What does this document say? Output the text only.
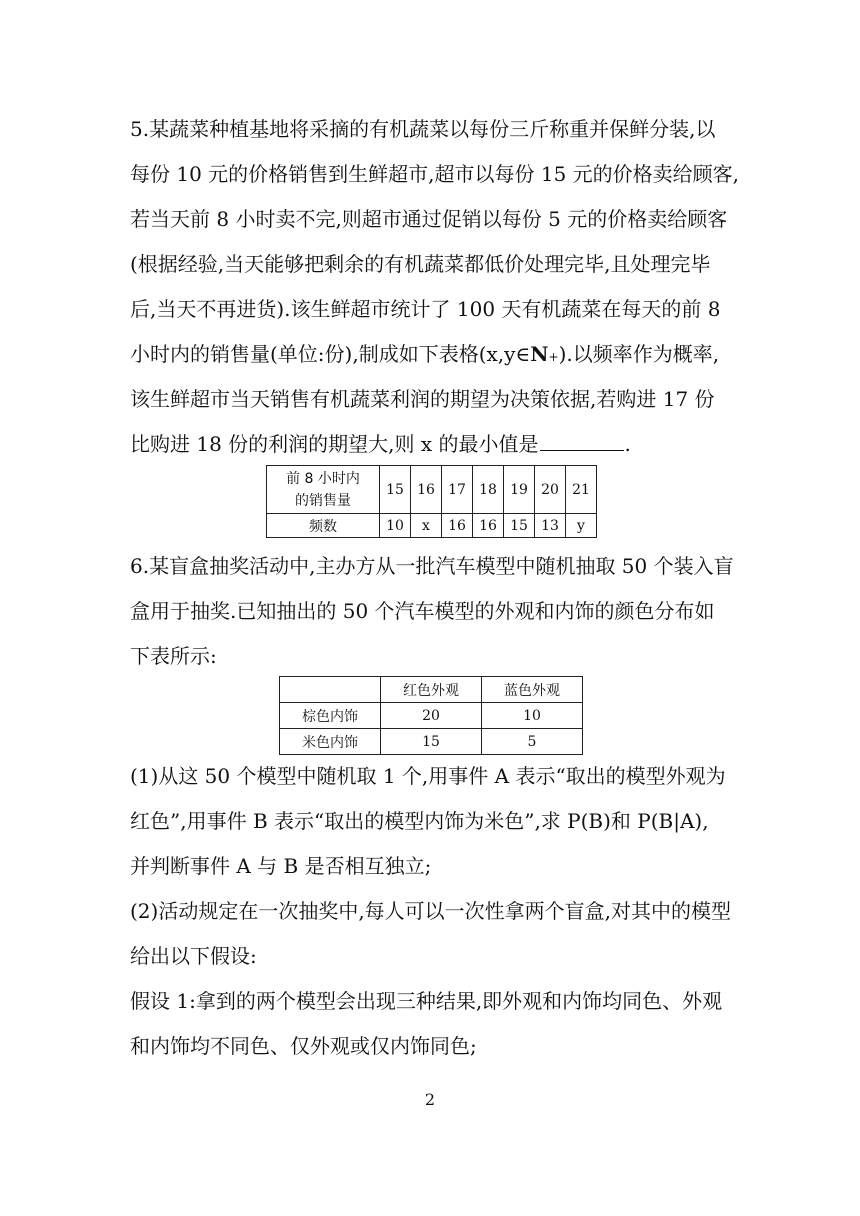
5.某蔬菜种植基地将采摘的有机蔬菜以每份三斤称重并保鲜分装,以
每份 10 元的价格销售到生鲜超市,超市以每份 15 元的价格卖给顾客,
若当天前 8 小时卖不完,则超市通过促销以每份 5 元的价格卖给顾客
(根据经验,当天能够把剩余的有机蔬菜都低价处理完毕,且处理完毕
后,当天不再进货).该生鲜超市统计了 100 天有机蔬菜在每天的前 8
小时内的销售量(单位:份),制成如下表格(x,y∈N+).以频率作为概率,
该生鲜超市当天销售有机蔬菜利润的期望为决策依据,若购进 17 份
比购进 18 份的利润的期望大,则 x 的最小值是	.
前 8 小时内
的销售量	15	16	17	18	19	20	21
频数	10	x	16	16	15	13	y
6.某盲盒抽奖活动中,主办方从一批汽车模型中随机抽取 50 个装入盲
盒用于抽奖.已知抽出的 50 个汽车模型的外观和内饰的颜色分布如
下表所示:
	红色外观	蓝色外观
棕色内饰	20	10
米色内饰	15	5
(1)从这 50 个模型中随机取 1 个,用事件 A 表示“取出的模型外观为
红色”,用事件 B 表示“取出的模型内饰为米色”,求 P(B)和 P(B|A),
并判断事件 A 与 B 是否相互独立;
(2)活动规定在一次抽奖中,每人可以一次性拿两个盲盒,对其中的模型
给出以下假设:
假设 1:拿到的两个模型会出现三种结果,即外观和内饰均同色、外观
和内饰均不同色、仅外观或仅内饰同色;
2
